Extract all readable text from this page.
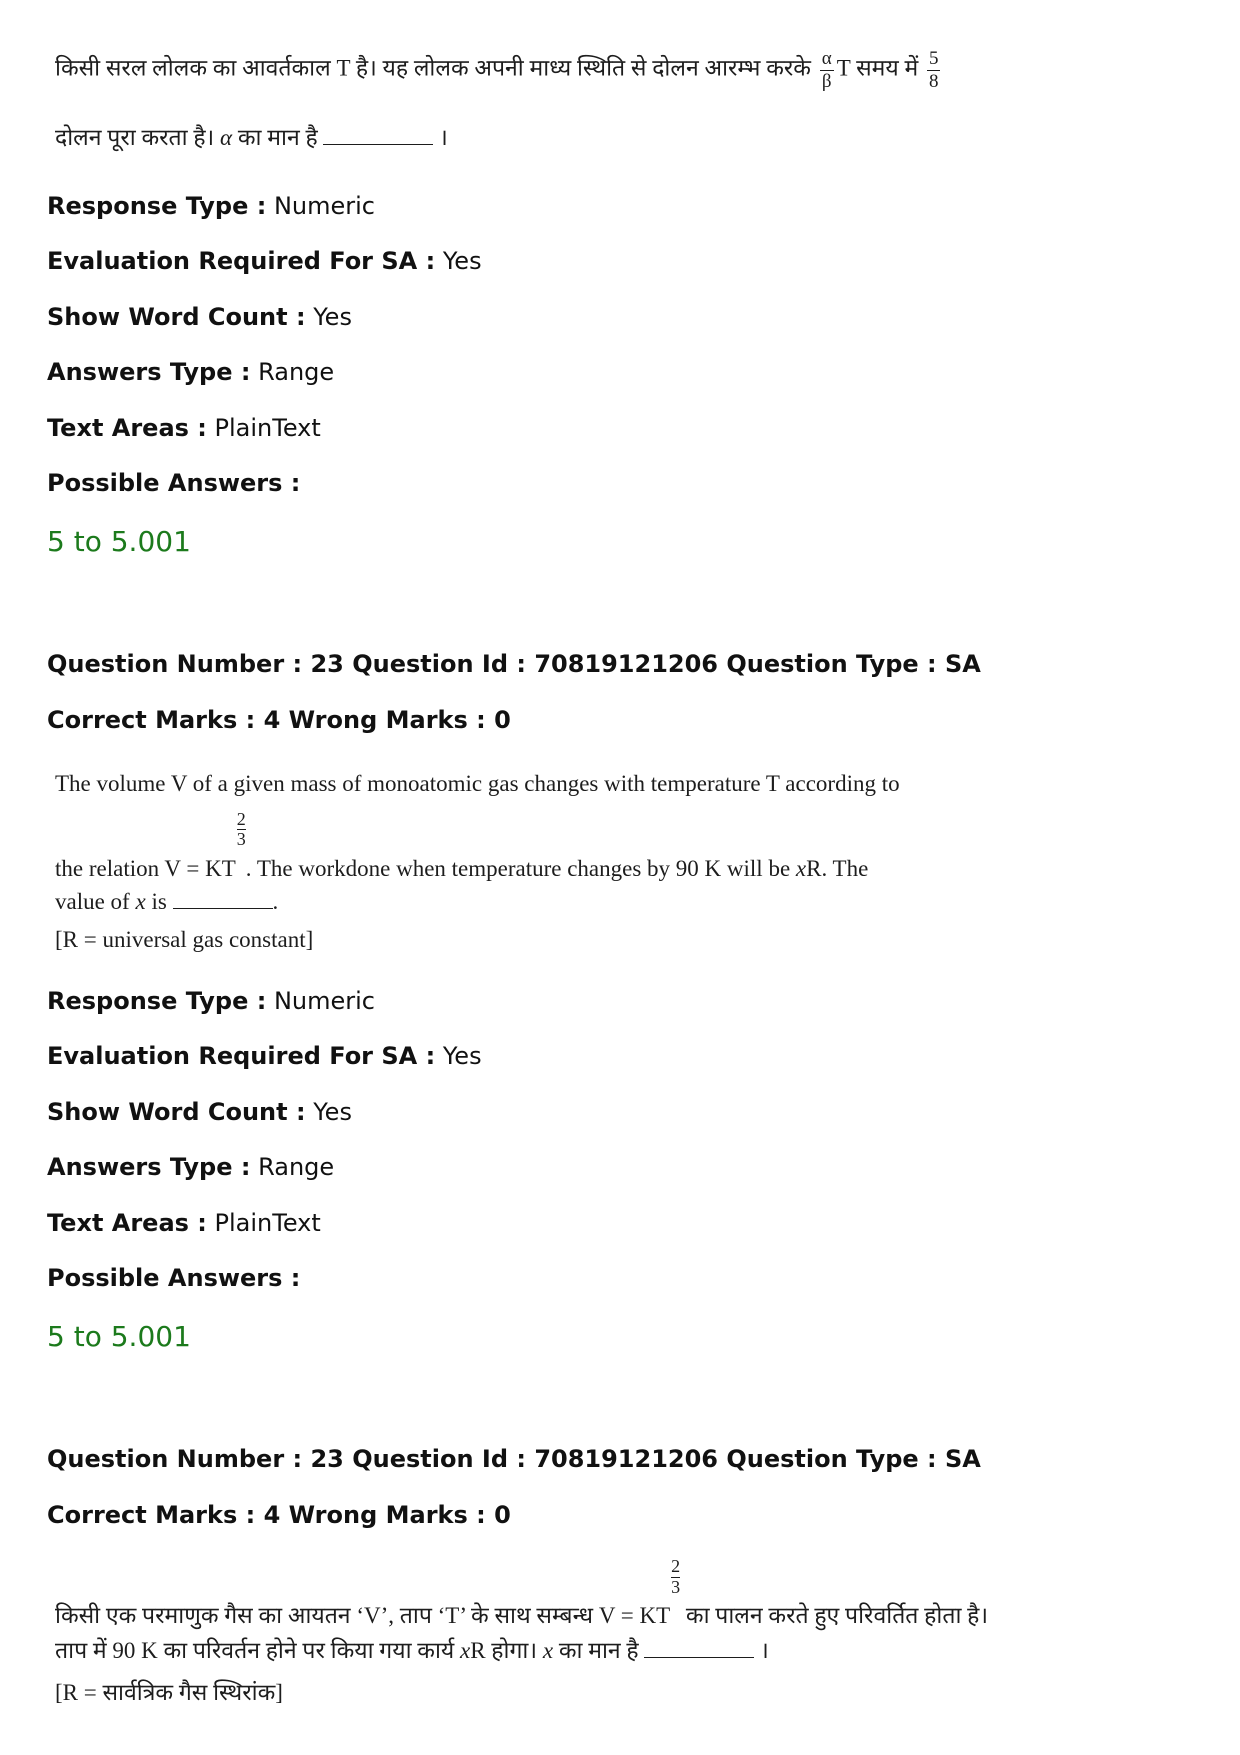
किसी सरल लोलक का आवर्तकाल T है। यह लोलक अपनी माध्य स्थिति से दोलन आरम्भ करके $\frac{\alpha}{\beta}$ T समय में $\frac{5}{8}$
दोलन पूरा करता है। α का मान है	।
Response Type : Numeric
Evaluation Required For SA : Yes
Show Word Count : Yes
Answers Type : Range
Text Areas : PlainText
Possible Answers :
5 to 5.001
Question Number : 23 Question Id : 70819121206 Question Type : SA
Correct Marks : 4 Wrong Marks : 0
The volume V of a given mass of monoatomic gas changes with temperature T according to
the relation V = KT
$\frac{2}{3}$. The workdone when temperature changes by 90 K will be xR. The
value of x is	.
[R = universal gas constant]
Response Type : Numeric
Evaluation Required For SA : Yes
Show Word Count : Yes
Answers Type : Range
Text Areas : PlainText
Possible Answers :
5 to 5.001
Question Number : 23 Question Id : 70819121206 Question Type : SA
Correct Marks : 4 Wrong Marks : 0
किसी एक परमाणुक गैस का आयतन ‘V’, ताप ‘T’ के साथ सम्बन्ध V = KT
$\frac{2}{3}$ का पालन करते हुए परिवर्तित होता है।
ताप में 90 K का परिवर्तन होने पर किया गया कार्य xR होगा। x का मान है	।
[R = सार्वत्रिक गैस स्थिरांक]
